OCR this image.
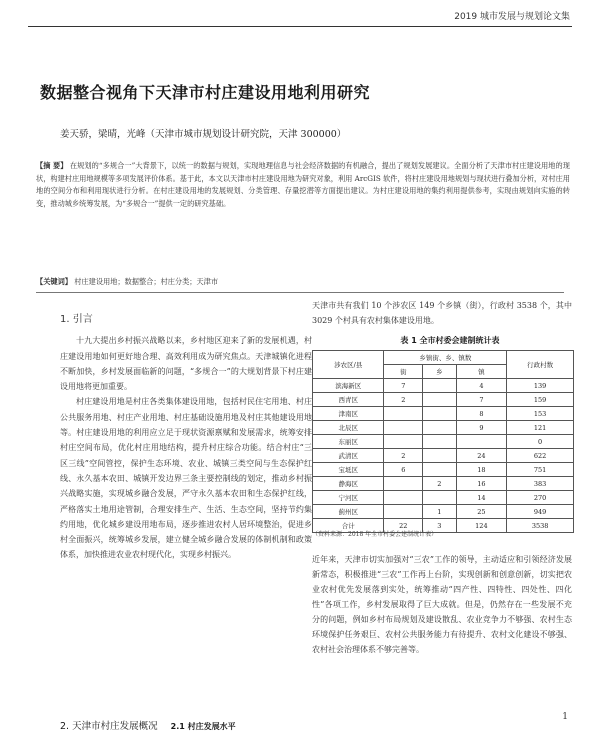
2019 城市发展与规划论文集
数据整合视角下天津市村庄建设用地利用研究
姜天骄，梁晴，光峰（天津市城市规划设计研究院，天津 300000）
【摘 要】 在规划的“多规合一”大背景下，以统一的数据与规划，实现地理信息与社会经济数据的有机融合，提出了规划发展建议。全面分析了天津市村庄建设用地的现状，构建村庄用地规模等多项发展评价体系。基于此，本文以天津市村庄建设用地为研究对象，利用 ArcGIS 软件，将村庄建设用地规划与现状进行叠加分析，对村庄用地的空间分布和利用现状进行分析。在村庄建设用地的发展规划、分类管理、存量挖潜等方面提出建议。为村庄建设用地的集约利用提供参考，实现由规划向实施的转变，推动城乡统筹发展，为“多规合一”提供一定的研究基础。
【关键词】 村庄建设用地；数据整合；村庄分类；天津市
1. 引言

十九大提出乡村振兴战略以来，乡村地区迎来了新的发展机遇，村庄建设用地如何更好地合理、高效利用成为研究焦点。天津城镇化进程不断加快，乡村发展面临新的问题，“多规合一”的大规划背景下村庄建设用地将更加重要。

村庄建设用地是村庄各类集体建设用地，包括村民住宅用地、村庄公共服务用地、村庄产业用地、村庄基础设施用地及村庄其他建设用地等。村庄建设用地的利用应立足于现状资源禀赋和发展需求，统筹安排村庄空间布局，优化村庄用地结构，提升村庄综合功能。结合村庄“三区三线”空间管控，保护生态环境、农业、城镇三类空间与生态保护红线、永久基本农田、城镇开发边界三条主要控制线的划定，推动乡村振兴战略实施，实现城乡融合发展，严守永久基本农田和生态保护红线，严格落实土地用途管制，合理安排生产、生活、生态空间，坚持节约集约用地，优化城乡建设用地布局，逐步推进农村人居环境整治，促进乡村全面振兴，统筹城乡发展，建立健全城乡融合发展的体制机制和政策体系，加快推进农业农村现代化，实现乡村振兴。

天津市共有我们 10 个涉农区 149 个乡镇（街），行政村 3538 个，其中 3029 个村具有农村集体建设用地。
表 1 全市村委会建制统计表
涉农区/县	乡镇街、乡、镇数			行政村数
	街	乡	镇	
滨海新区	7		4	139
西青区	2		7	159
津南区			8	153
北辰区			9	121
东丽区				0
武清区	2		24	622
宝坻区	6		18	751
静海区		2	16	383
宁河区			14	270
蓟州区		1	25	949
合计	22	3	124	3538
（资料来源：2018 年全市村委会建制统计表）
近年来，天津市切实加强对“三农”工作的领导，主动适应和引领经济发展新常态，积极推进“三农”工作再上台阶，实现创新和创意创新，切实把农业农村优先发展落到实处，统筹推动“四产性、四特性、四处性、四化性”各项工作，乡村发展取得了巨大成就。但是，仍然存在一些发展不充分的问题，例如乡村布局规划及建设散乱、农业竞争力不够强、农村生态环境保护任务艰巨、农村公共服务能力有待提升、农村文化建设不够强、农村社会治理体系不够完善等。
2. 天津市村庄发展概况 2.1 村庄发展水平
1
